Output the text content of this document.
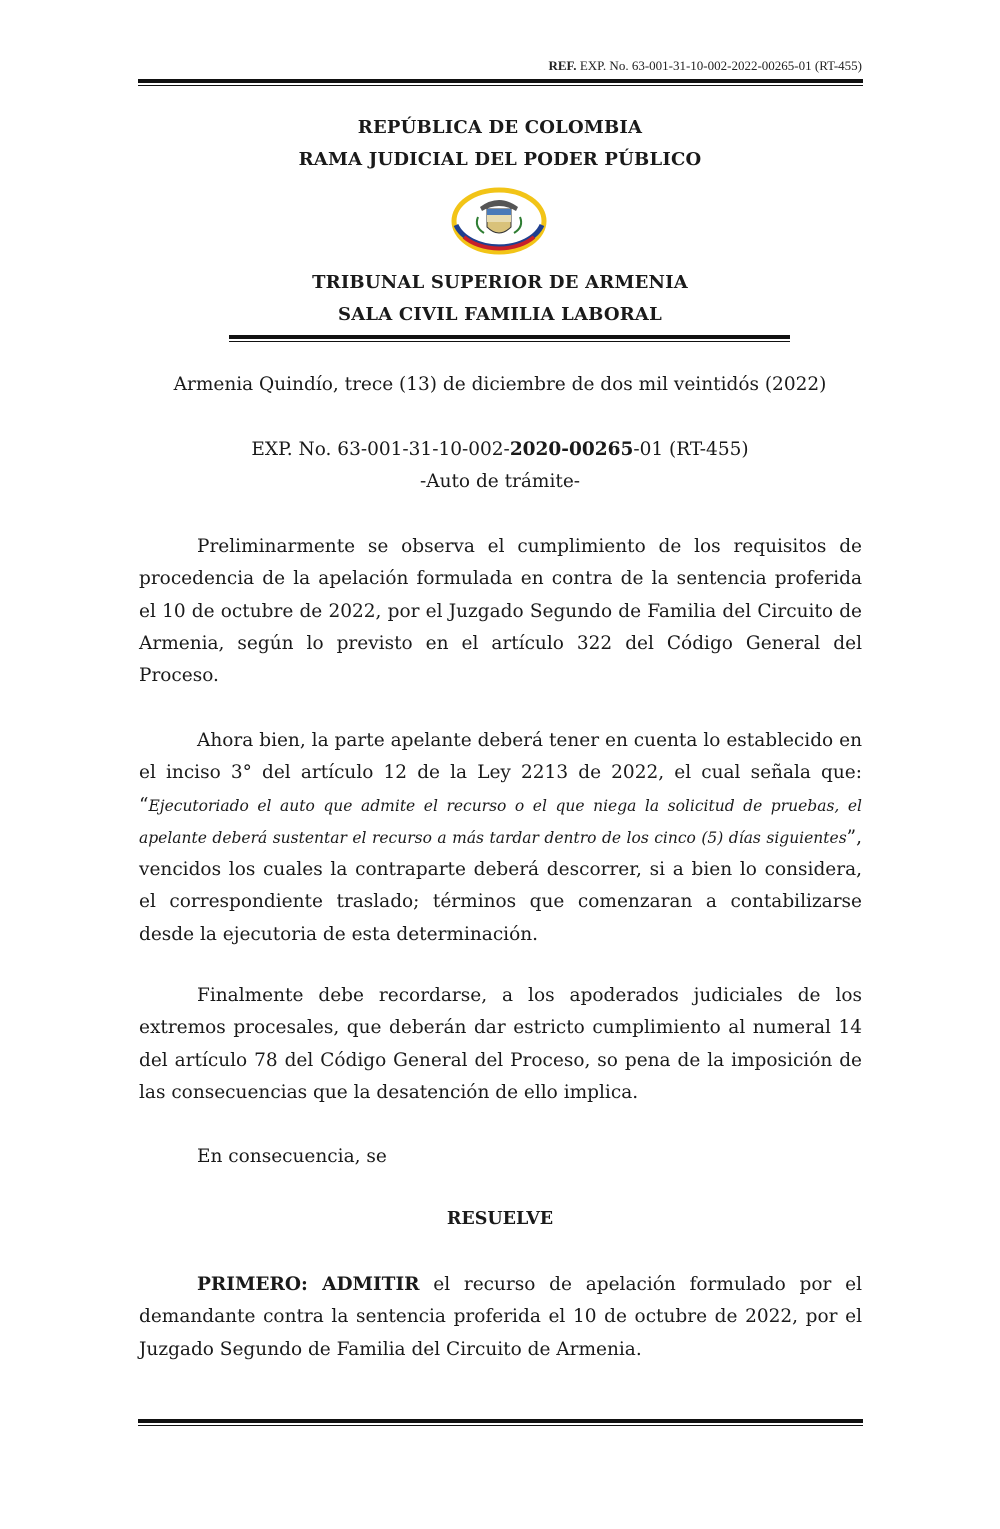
REF. EXP. No. 63-001-31-10-002-2022-00265-01 (RT-455)
REPÚBLICA DE COLOMBIA
RAMA JUDICIAL DEL PODER PÚBLICO
TRIBUNAL SUPERIOR DE ARMENIA
SALA CIVIL FAMILIA LABORAL
Armenia Quindío, trece (13) de diciembre de dos mil veintidós (2022)
EXP. No. 63-001-31-10-002-2020-00265-01 (RT-455)
-Auto de trámite-
Preliminarmente se observa el cumplimiento de los requisitos de procedencia de la apelación formulada en contra de la sentencia proferida el 10 de octubre de 2022, por el Juzgado Segundo de Familia del Circuito de Armenia, según lo previsto en el artículo 322 del Código General del Proceso.
Ahora bien, la parte apelante deberá tener en cuenta lo establecido en el inciso 3° del artículo 12 de la Ley 2213 de 2022, el cual señala que: “Ejecutoriado el auto que admite el recurso o el que niega la solicitud de pruebas, el apelante deberá sustentar el recurso a más tardar dentro de los cinco (5) días siguientes”, vencidos los cuales la contraparte deberá descorrer, si a bien lo considera, el correspondiente traslado; términos que comenzaran a contabilizarse desde la ejecutoria de esta determinación.
Finalmente debe recordarse, a los apoderados judiciales de los extremos procesales, que deberán dar estricto cumplimiento al numeral 14 del artículo 78 del Código General del Proceso, so pena de la imposición de las consecuencias que la desatención de ello implica.
En consecuencia, se
RESUELVE
PRIMERO: ADMITIR el recurso de apelación formulado por el demandante contra la sentencia proferida el 10 de octubre de 2022, por el Juzgado Segundo de Familia del Circuito de Armenia.
